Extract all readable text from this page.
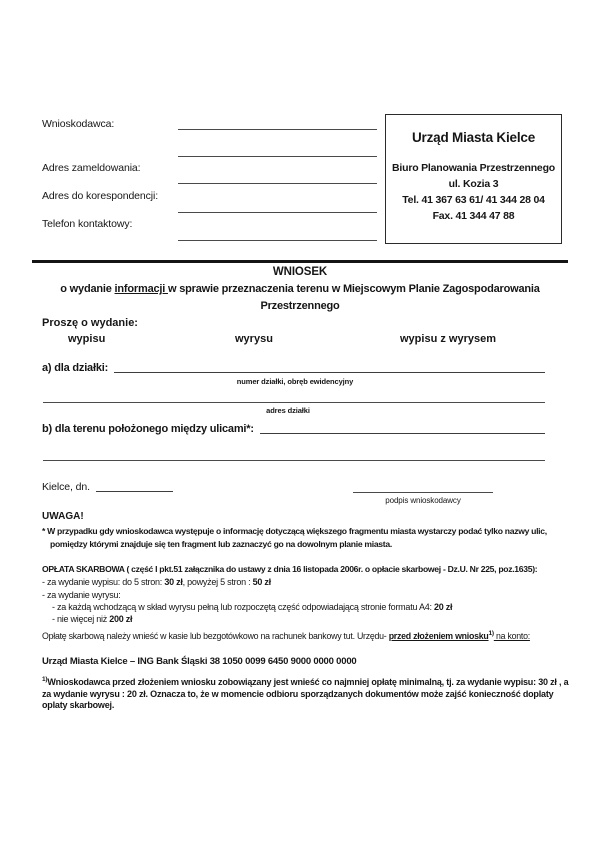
Wnioskodawca:
Adres zameldowania:
Adres do korespondencji:
Telefon kontaktowy:
Urząd Miasta Kielce
Biuro Planowania Przestrzennego
ul. Kozia 3
Tel. 41 367 63 61/ 41 344 28 04
Fax. 41 344 47 88
WNIOSEK
o wydanie informacji w sprawie przeznaczenia terenu w Miejscowym Planie Zagospodarowania
Przestrzennego
Proszę o wydanie:
wypisu	wyrysu	wypisu z wyrysem
a) dla działki:
numer działki, obręb ewidencyjny
adres działki
b) dla terenu położonego między ulicami*:
Kielce, dn.
podpis wnioskodawcy
UWAGA!
* W przypadku gdy wnioskodawca występuje o informację dotyczącą większego fragmentu miasta wystarczy podać tylko nazwy ulic,
pomiędzy którymi znajduje się ten fragment lub zaznaczyć go na dowolnym planie miasta.
OPŁATA SKARBOWA ( część I pkt.51 załącznika do ustawy z dnia 16 listopada 2006r. o opłacie skarbowej - Dz.U. Nr 225, poz.1635):
- za wydanie wypisu: do 5 stron: 30 zł, powyżej 5 stron : 50 zł
- za wydanie wyrysu:
- za każdą wchodzącą w skład wyrysu pełną lub rozpoczętą część odpowiadającą stronie formatu A4: 20 zł
- nie więcej niż 200 zł
Opłatę skarbową należy wnieść w kasie lub bezgotówkowo na rachunek bankowy tut. Urzędu- przed złożeniem wniosku$^{1)}$ na konto:
Urząd Miasta Kielce – ING Bank Śląski 38 1050 0099 6450 9000 0000 0000
$^{1)}$Wnioskodawca przed złożeniem wniosku zobowiązany jest wnieść co najmniej opłatę minimalną, tj. za wydanie wypisu: 30 zł , a za wydanie wyrysu : 20 zł. Oznacza to, że w momencie odbioru sporządzanych dokumentów może zajść konieczność doplaty oplaty skarbowej.
